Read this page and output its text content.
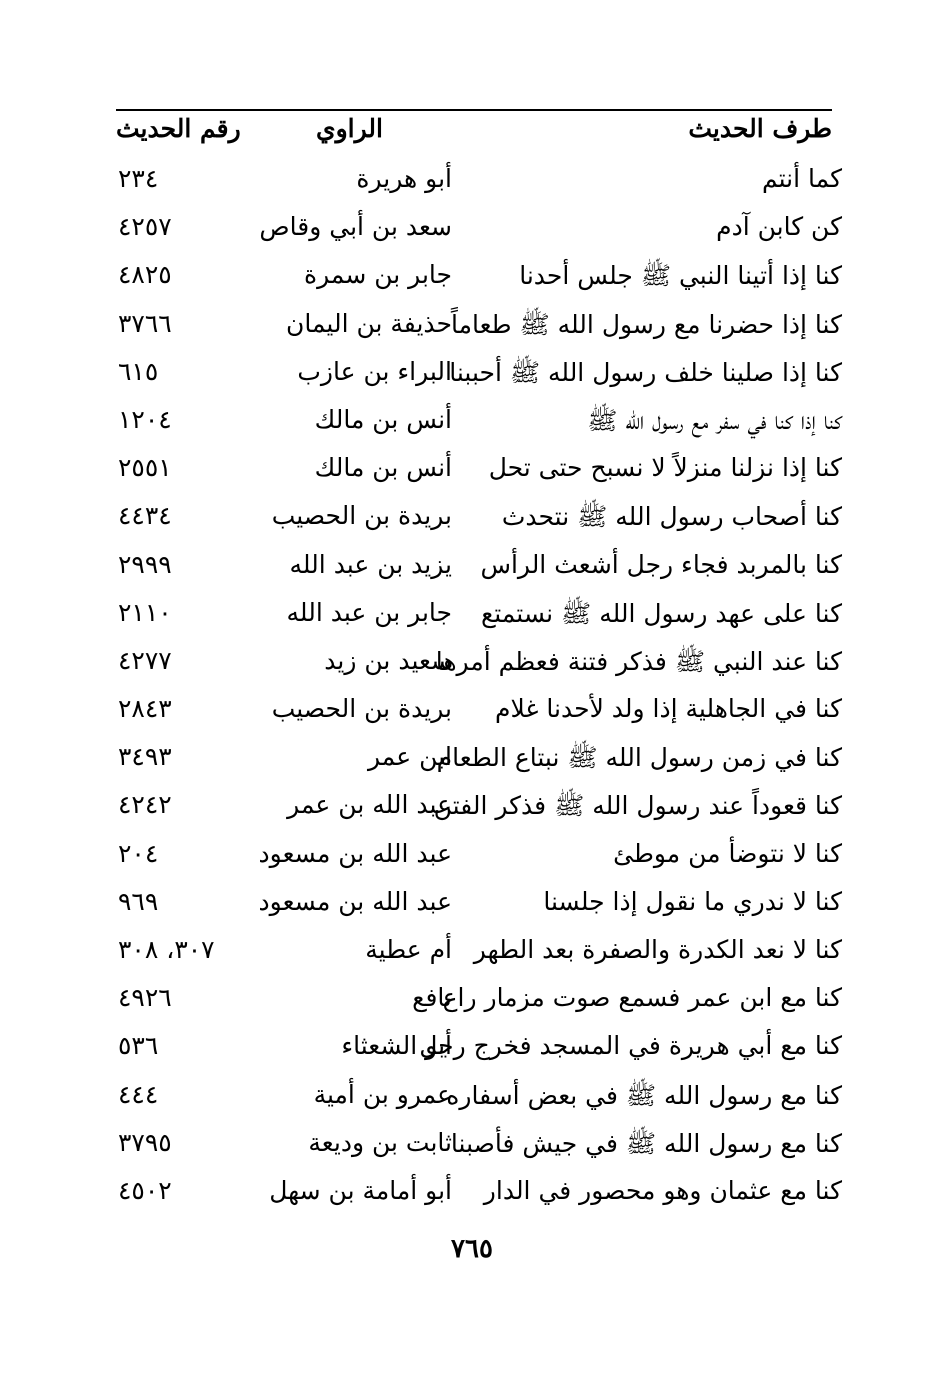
طرف الحديث
الراوي
رقم الحديث
كما أنتم
أبو هريرة
٢٣٤
كن كابن آدم
سعد بن أبي وقاص
٤٢٥٧
كنا إذا أتينا النبي ﷺ جلس أحدنا
جابر بن سمرة
٤٨٢٥
كنا إذا حضرنا مع رسول الله ﷺ طعاماً
حذيفة بن اليمان
٣٧٦٦
كنا إذا صلينا خلف رسول الله ﷺ أحببنا
البراء بن عازب
٦١٥
كنا إذا كنا في سفر مع رسول الله ﷺ
أنس بن مالك
١٢٠٤
كنا إذا نزلنا منزلاً لا نسبح حتى تحل
أنس بن مالك
٢٥٥١
كنا أصحاب رسول الله ﷺ نتحدث
بريدة بن الحصيب
٤٤٣٤
كنا بالمربد فجاء رجل أشعث الرأس
يزيد بن عبد الله
٢٩٩٩
كنا على عهد رسول الله ﷺ نستمتع
جابر بن عبد الله
٢١١٠
كنا عند النبي ﷺ فذكر فتنة فعظم أمرها
سعيد بن زيد
٤٢٧٧
كنا في الجاهلية إذا ولد لأحدنا غلام
بريدة بن الحصيب
٢٨٤٣
كنا في زمن رسول الله ﷺ نبتاع الطعام
ابن عمر
٣٤٩٣
كنا قعوداً عند رسول الله ﷺ فذكر الفتن
عبد الله بن عمر
٤٢٤٢
كنا لا نتوضأ من موطئ
عبد الله بن مسعود
٢٠٤
كنا لا ندري ما نقول إذا جلسنا
عبد الله بن مسعود
٩٦٩
كنا لا نعد الكدرة والصفرة بعد الطهر
أم عطية
٣٠٧، ٣٠٨
كنا مع ابن عمر فسمع صوت مزمار راع
نافع
٤٩٢٦
كنا مع أبي هريرة في المسجد فخرج رجل
أبو الشعثاء
٥٣٦
كنا مع رسول الله ﷺ في بعض أسفاره
عمرو بن أمية
٤٤٤
كنا مع رسول الله ﷺ في جيش فأصبنا
ثابت بن وديعة
٣٧٩٥
كنا مع عثمان وهو محصور في الدار
أبو أمامة بن سهل
٤٥٠٢
٧٦٥
